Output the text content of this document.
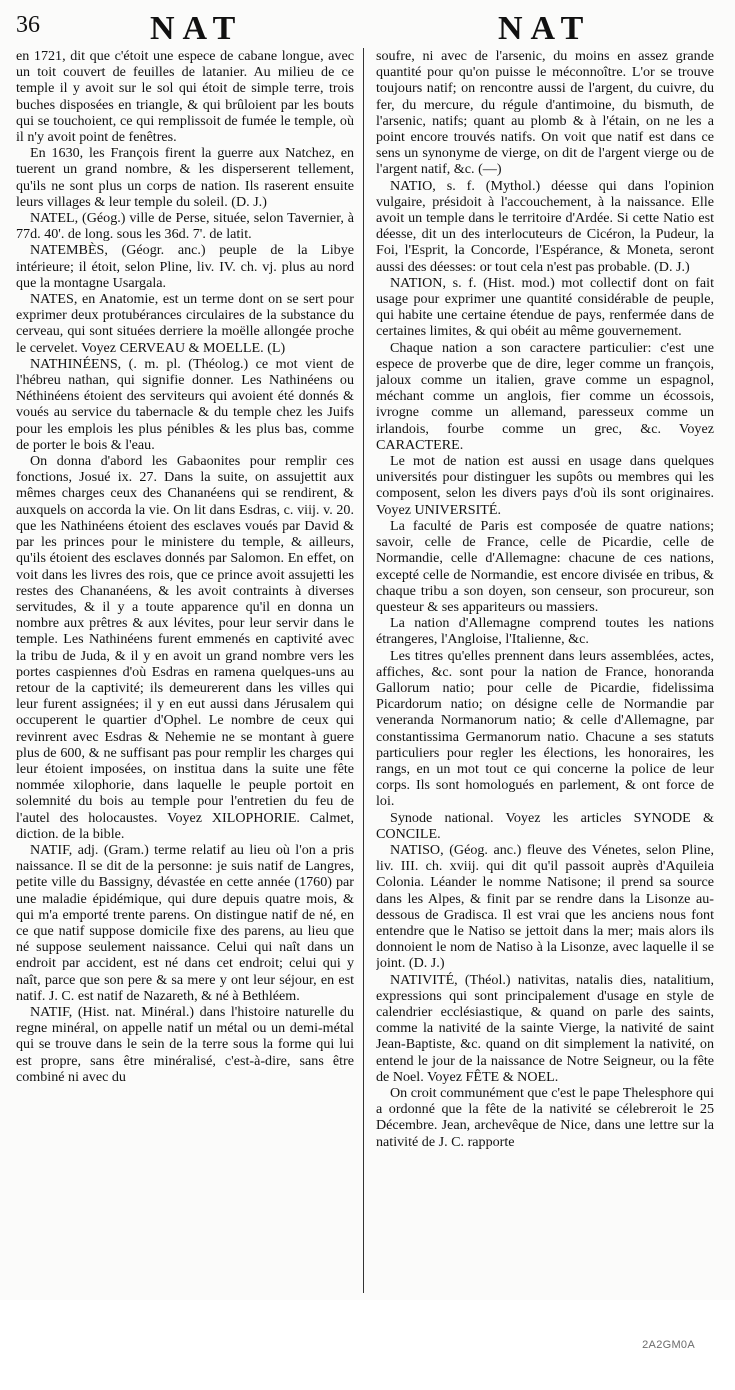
36	NAT	NAT

en 1721, dit que c'étoit une espece de cabane longue, avec un toit couvert de feuilles de latanier. Au milieu de ce temple il y avoit sur le sol qui étoit de simple terre, trois buches disposées en triangle, & qui brûloient par les bouts qui se touchoient, ce qui remplissoit de fumée le temple, où il n'y avoit point de fenêtres.

En 1630, les François firent la guerre aux Natchez, en tuerent un grand nombre, & les disperserent tellement, qu'ils ne sont plus un corps de nation. Ils raserent ensuite leurs villages & leur temple du soleil. (D. J.)

NATEL, (Géog.) ville de Perse, située, selon Tavernier, à 77d. 40'. de long. sous les 36d. 7'. de latit.

NATEMBÈS, (Géogr. anc.) peuple de la Libye intérieure; il étoit, selon Pline, liv. IV. ch. vj. plus au nord que la montagne Usargala.

NATES, en Anatomie, est un terme dont on se sert pour exprimer deux protubérances circulaires de la substance du cerveau, qui sont situées derriere la moëlle allongée proche le cervelet. Voyez CERVEAU & MOELLE. (L)

NATHINÉENS, (. m. pl. (Théolog.) ce mot vient de l'hébreu nathan, qui signifie donner. Les Nathinéens ou Néthinéens étoient des serviteurs qui avoient été donnés & voués au service du tabernacle & du temple chez les Juifs pour les emplois les plus pénibles & les plus bas, comme de porter le bois & l'eau.

On donna d'abord les Gabaonites pour remplir ces fonctions, Josué ix. 27. Dans la suite, on assujettit aux mêmes charges ceux des Chananéens qui se rendirent, & auxquels on accorda la vie. On lit dans Esdras, c. viij. v. 20. que les Nathinéens étoient des esclaves voués par David & par les princes pour le ministere du temple, & ailleurs, qu'ils étoient des esclaves donnés par Salomon. En effet, on voit dans les livres des rois, que ce prince avoit assujetti les restes des Chananéens, & les avoit contraints à diverses servitudes, & il y a toute apparence qu'il en donna un nombre aux prêtres & aux lévites, pour leur servir dans le temple. Les Nathinéens furent emmenés en captivité avec la tribu de Juda, & il y en avoit un grand nombre vers les portes caspiennes d'où Esdras en ramena quelques-uns au retour de la captivité; ils demeurerent dans les villes qui leur furent assignées; il y en eut aussi dans Jérusalem qui occuperent le quartier d'Ophel. Le nombre de ceux qui revinrent avec Esdras & Nehemie ne se montant à guere plus de 600, & ne suffisant pas pour remplir les charges qui leur étoient imposées, on institua dans la suite une fête nommée xilophorie, dans laquelle le peuple portoit en solemnité du bois au temple pour l'entretien du feu de l'autel des holocaustes. Voyez XILOPHORIE. Calmet, diction. de la bible.

NATIF, adj. (Gram.) terme relatif au lieu où l'on a pris naissance. Il se dit de la personne: je suis natif de Langres, petite ville du Bassigny, dévastée en cette année (1760) par une maladie épidémique, qui dure depuis quatre mois, & qui m'a emporté trente parens. On distingue natif de né, en ce que natif suppose domicile fixe des parens, au lieu que né suppose seulement naissance. Celui qui naît dans un endroit par accident, est né dans cet endroit; celui qui y naît, parce que son pere & sa mere y ont leur séjour, en est natif. J. C. est natif de Nazareth, & né à Bethléem.

NATIF, (Hist. nat. Minéral.) dans l'histoire naturelle du regne minéral, on appelle natif un métal ou un demi-métal qui se trouve dans le sein de la terre sous la forme qui lui est propre, sans être minéralisé, c'est-à-dire, sans être combiné ni avec du

soufre, ni avec de l'arsenic, du moins en assez grande quantité pour qu'on puisse le méconnoître. L'or se trouve toujours natif; on rencontre aussi de l'argent, du cuivre, du fer, du mercure, du régule d'antimoine, du bismuth, de l'arsenic, natifs; quant au plomb & à l'étain, on ne les a point encore trouvés natifs. On voit que natif est dans ce sens un synonyme de vierge, on dit de l'argent vierge ou de l'argent natif, &c. (—)

NATIO, s. f. (Mythol.) déesse qui dans l'opinion vulgaire, présidoit à l'accouchement, à la naissance. Elle avoit un temple dans le territoire d'Ardée. Si cette Natio est déesse, dit un des interlocuteurs de Cicéron, la Pudeur, la Foi, l'Esprit, la Concorde, l'Espérance, & Moneta, seront aussi des déesses: or tout cela n'est pas probable. (D. J.)

NATION, s. f. (Hist. mod.) mot collectif dont on fait usage pour exprimer une quantité considérable de peuple, qui habite une certaine étendue de pays, renfermée dans de certaines limites, & qui obéit au même gouvernement.

Chaque nation a son caractere particulier: c'est une espece de proverbe que de dire, leger comme un françois, jaloux comme un italien, grave comme un espagnol, méchant comme un anglois, fier comme un écossois, ivrogne comme un allemand, paresseux comme un irlandois, fourbe comme un grec, &c. Voyez CARACTERE.

Le mot de nation est aussi en usage dans quelques universités pour distinguer les supôts ou membres qui les composent, selon les divers pays d'où ils sont originaires. Voyez UNIVERSITÉ.

La faculté de Paris est composée de quatre nations; savoir, celle de France, celle de Picardie, celle de Normandie, celle d'Allemagne: chacune de ces nations, excepté celle de Normandie, est encore divisée en tribus, & chaque tribu a son doyen, son censeur, son procureur, son questeur & ses appariteurs ou massiers.

La nation d'Allemagne comprend toutes les nations étrangeres, l'Angloise, l'Italienne, &c.

Les titres qu'elles prennent dans leurs assemblées, actes, affiches, &c. sont pour la nation de France, honoranda Gallorum natio; pour celle de Picardie, fidelissima Picardorum natio; on désigne celle de Normandie par veneranda Normanorum natio; & celle d'Allemagne, par constantissima Germanorum natio. Chacune a ses statuts particuliers pour regler les élections, les honoraires, les rangs, en un mot tout ce qui concerne la police de leur corps. Ils sont homologués en parlement, & ont force de loi.

Synode national. Voyez les articles SYNODE & CONCILE.

NATISO, (Géog. anc.) fleuve des Vénetes, selon Pline, liv. III. ch. xviij. qui dit qu'il passoit auprès d'Aquileia Colonia. Léander le nomme Natisone; il prend sa source dans les Alpes, & finit par se rendre dans la Lisonze au-dessous de Gradisca. Il est vrai que les anciens nous font entendre que le Natiso se jettoit dans la mer; mais alors ils donnoient le nom de Natiso à la Lisonze, avec laquelle il se joint. (D. J.)

NATIVITÉ, (Théol.) nativitas, natalis dies, natalitium, expressions qui sont principalement d'usage en style de calendrier ecclésiastique, & quand on parle des saints, comme la nativité de la sainte Vierge, la nativité de saint Jean-Baptiste, &c. quand on dit simplement la nativité, on entend le jour de la naissance de Notre Seigneur, ou la fête de Noel. Voyez FÊTE & NOEL.

On croit communément que c'est le pape Thelesphore qui a ordonné que la fête de la nativité se célebreroit le 25 Décembre. Jean, archevêque de Nice, dans une lettre sur la nativité de J. C. rapporte

2A2GM0A
